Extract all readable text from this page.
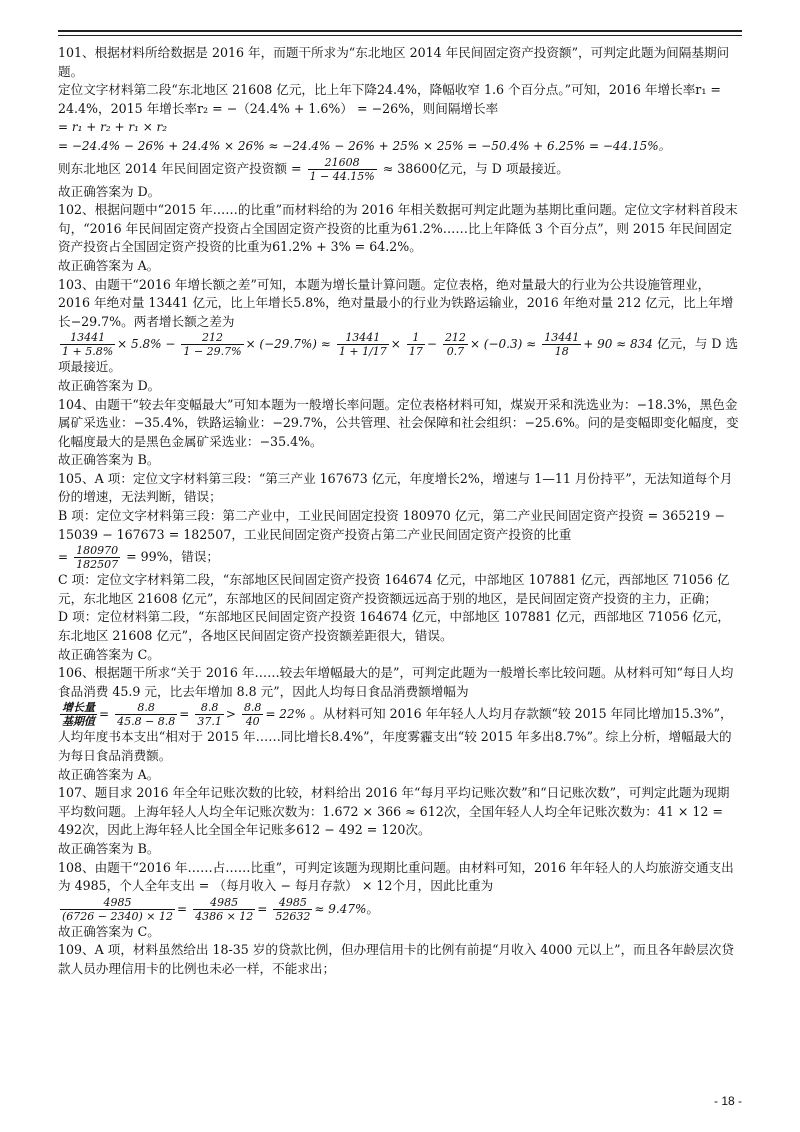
101、根据材料所给数据是 2016 年，而题干所求为“东北地区 2014 年民间固定资产投资额”，可判定此题为间隔基期问题。

定位文字材料第二段“东北地区 21608 亿元，比上年下降24.4%，降幅收窄 1.6 个百分点。”可知，2016 年增长率r₁ = 24.4%，2015 年增长率r₂ = −（24.4% + 1.6%） = −26%，则间隔增长率

= r₁ + r₂ + r₁ × r₂

= −24.4% − 26% + 24.4% × 26% ≈ −24.4% − 26% + 25% × 25% = −50.4% + 6.25% = −44.15%。

则东北地区 2014 年民间固定资产投资额 = $\frac{21608}{1 - 44.15\%} \approx 38600$亿元，与 D 项最接近。

故正确答案为 D。

102、根据问题中“2015 年……的比重”而材料给的为 2016 年相关数据可判定此题为基期比重问题。定位文字材料首段末句，“2016 年民间固定资产投资占全国固定资产投资的比重为61.2%……比上年降低 3 个百分点”，则 2015 年民间固定资产投资占全国固定资产投资的比重为61.2% + 3% = 64.2%。

故正确答案为 A。

103、由题干“2016 年增长额之差”可知，本题为增长量计算问题。定位表格，绝对量最大的行业为公共设施管理业，2016 年绝对量 13441 亿元，比上年增长5.8%，绝对量最小的行业为铁路运输业，2016 年绝对量 212 亿元，比上年增长−29.7%。两者增长额之差为

$\frac{13441}{1 + 5.8\%} \times 5.8\% - \frac{212}{1 - 29.7\%} \times (-29.7\%) \approx \frac{13441}{1 + 1/17} \times \frac{1}{17} - \frac{212}{0.7} \times (-0.3) \approx \frac{13441}{18} + 90 \approx 834$ 亿元，与 D 选项最接近。

故正确答案为 D。

104、由题干“较去年变幅最大”可知本题为一般增长率问题。定位表格材料可知，煤炭开采和洗选业为：−18.3%，黑色金属矿采选业：−35.4%，铁路运输业：−29.7%，公共管理、社会保障和社会组织：−25.6%。问的是变幅即变化幅度，变化幅度最大的是黑色金属矿采选业：−35.4%。

故正确答案为 B。

105、A 项：定位文字材料第三段：“第三产业 167673 亿元，年度增长2%，增速与 1—11 月份持平”，无法知道每个月份的增速，无法判断，错误；

B 项：定位文字材料第三段：第二产业中，工业民间固定投资 180970 亿元，第二产业民间固定资产投资 = 365219 − 15039 − 167673 = 182507，工业民间固定资产投资占第二产业民间固定资产投资的比重

= $\frac{180970}{182507} = 99\%$，错误；

C 项：定位文字材料第二段，“东部地区民间固定资产投资 164674 亿元，中部地区 107881 亿元，西部地区 71056 亿元，东北地区 21608 亿元”，东部地区的民间固定资产投资额远远高于别的地区，是民间固定资产投资的主力，正确；

D 项：定位材料第二段，“东部地区民间固定资产投资 164674 亿元，中部地区 107881 亿元，西部地区 71056 亿元，东北地区 21608 亿元”，各地区民间固定资产投资额差距很大，错误。

故正确答案为 C。

106、根据题干所求“关于 2016 年……较去年增幅最大的是”，可判定此题为一般增长率比较问题。从材料可知“每日人均食品消费 45.9 元，比去年增加 8.8 元”，因此人均每日食品消费额增幅为

$\frac{\text{增长量}}{\text{基期值}} = \frac{8.8}{45.8 - 8.8} = \frac{8.8}{37.1} > \frac{8.8}{40} = 22\%$ 。从材料可知 2016 年年轻人人均月存款额“较 2015 年同比增加15.3%”，

人均年度书本支出“相对于 2015 年……同比增长8.4%”，年度雾霾支出“较 2015 年多出8.7%”。综上分析，增幅最大的为每日食品消费额。

故正确答案为 A。

107、题目求 2016 年全年记账次数的比较，材料给出 2016 年“每月平均记账次数”和“日记账次数”，可判定此题为现期平均数问题。上海年轻人人均全年记账次数为：1.672 × 366 ≈ 612次，全国年轻人人均全年记账次数为：41 × 12 = 492次，因此上海年轻人比全国全年记账多612 − 492 = 120次。

故正确答案为 B。

108、由题干“2016 年……占……比重”，可判定该题为现期比重问题。由材料可知，2016 年年轻人的人均旅游交通支出为 4985，个人全年支出 = （每月收入 − 每月存款） × 12个月，因此比重为

$\frac{4985}{(6726 - 2340) \times 12} = \frac{4985}{4386 \times 12} = \frac{4985}{52632} \approx 9.47\%$。

故正确答案为 C。

109、A 项，材料虽然给出 18-35 岁的贷款比例，但办理信用卡的比例有前提“月收入 4000 元以上”，而且各年龄层次贷款人员办理信用卡的比例也未必一样，不能求出；

- 18 -
